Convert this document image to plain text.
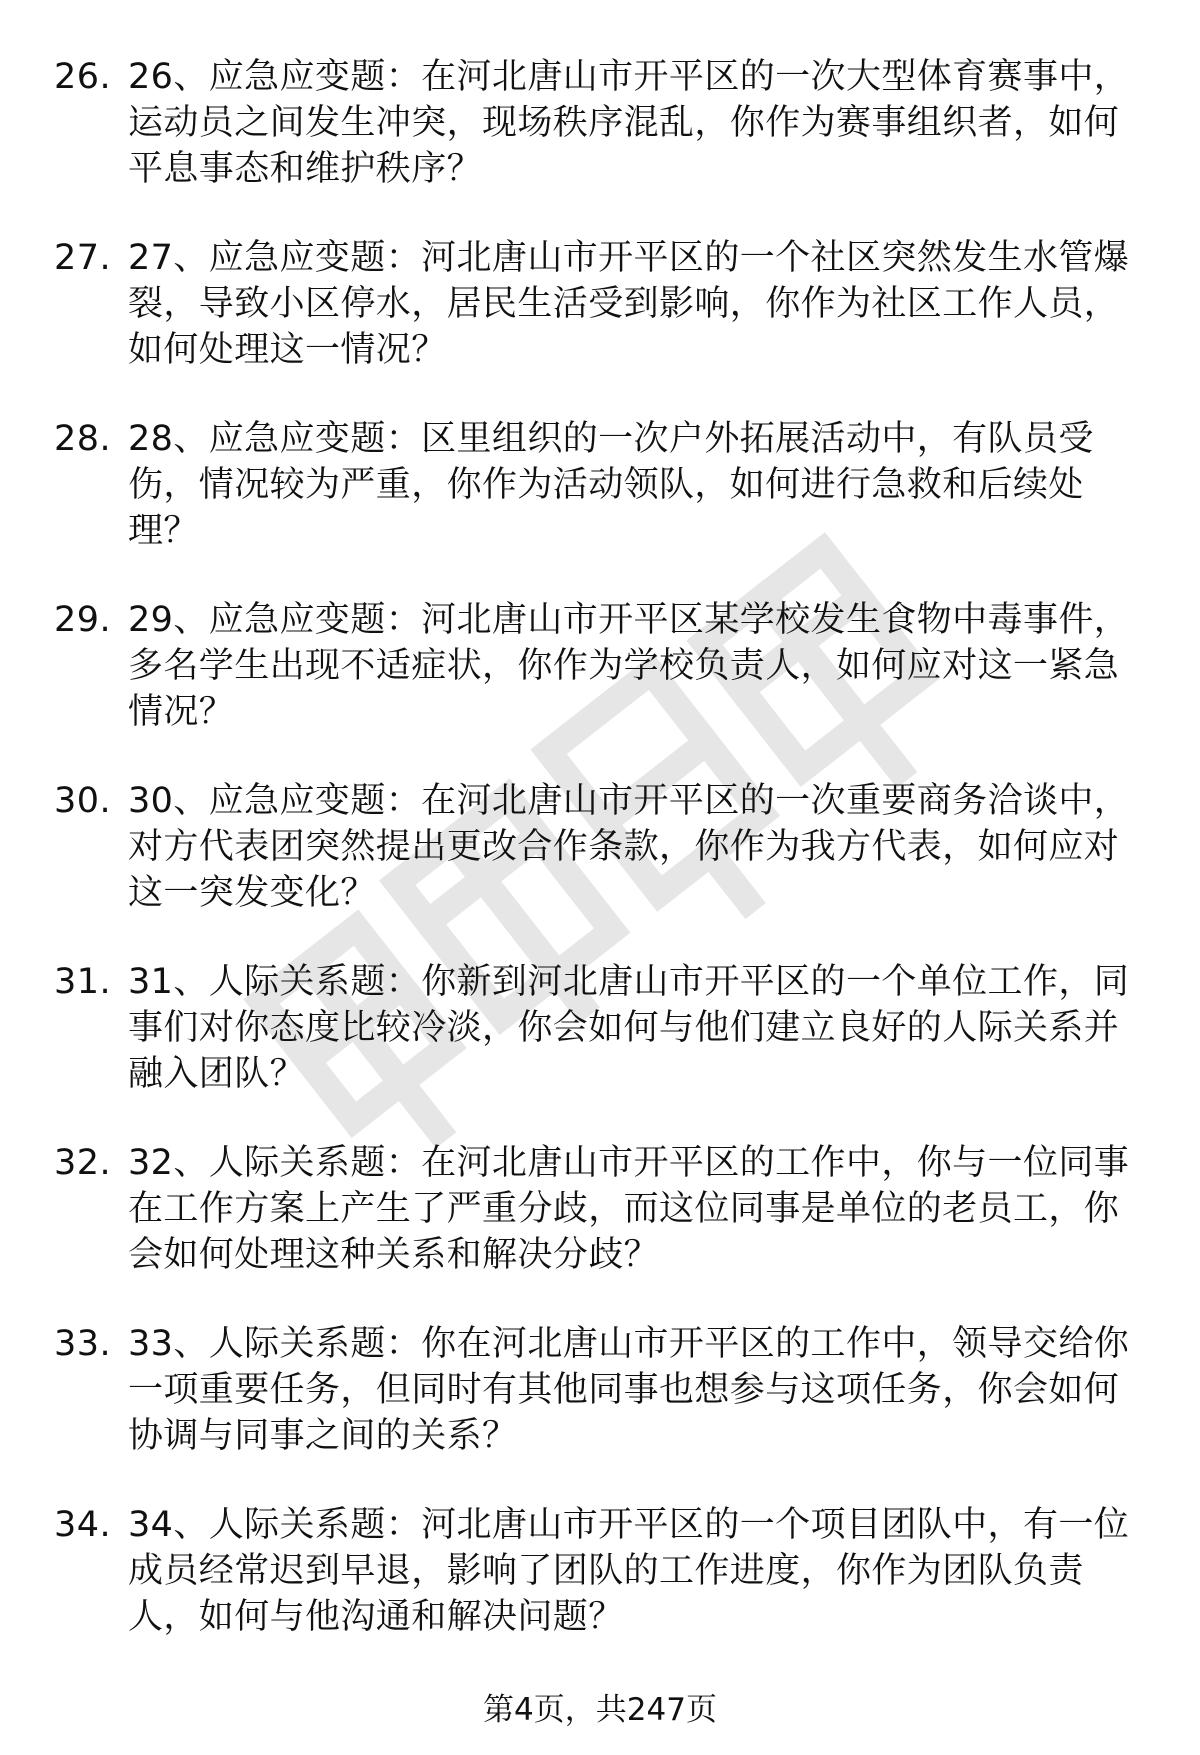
26. 26、应急应变题：在河北唐山市开平区的一次大型体育赛事中，运动员之间发生冲突，现场秩序混乱，你作为赛事组织者，如何平息事态和维护秩序？
27. 27、应急应变题：河北唐山市开平区的一个社区突然发生水管爆裂，导致小区停水，居民生活受到影响，你作为社区工作人员，如何处理这一情况？
28. 28、应急应变题：区里组织的一次户外拓展活动中，有队员受伤，情况较为严重，你作为活动领队，如何进行急救和后续处理？
29. 29、应急应变题：河北唐山市开平区某学校发生食物中毒事件，多名学生出现不适症状，你作为学校负责人，如何应对这一紧急情况？
30. 30、应急应变题：在河北唐山市开平区的一次重要商务洽谈中，对方代表团突然提出更改合作条款，你作为我方代表，如何应对这一突发变化？
31. 31、人际关系题：你新到河北唐山市开平区的一个单位工作，同事们对你态度比较冷淡，你会如何与他们建立良好的人际关系并融入团队？
32. 32、人际关系题：在河北唐山市开平区的工作中，你与一位同事在工作方案上产生了严重分歧，而这位同事是单位的老员工，你会如何处理这种关系和解决分歧？
33. 33、人际关系题：你在河北唐山市开平区的工作中，领导交给你一项重要任务，但同时有其他同事也想参与这项任务，你会如何协调与同事之间的关系？
34. 34、人际关系题：河北唐山市开平区的一个项目团队中，有一位成员经常迟到早退，影响了团队的工作进度，你作为团队负责人，如何与他沟通和解决问题？
第4页，共247页
